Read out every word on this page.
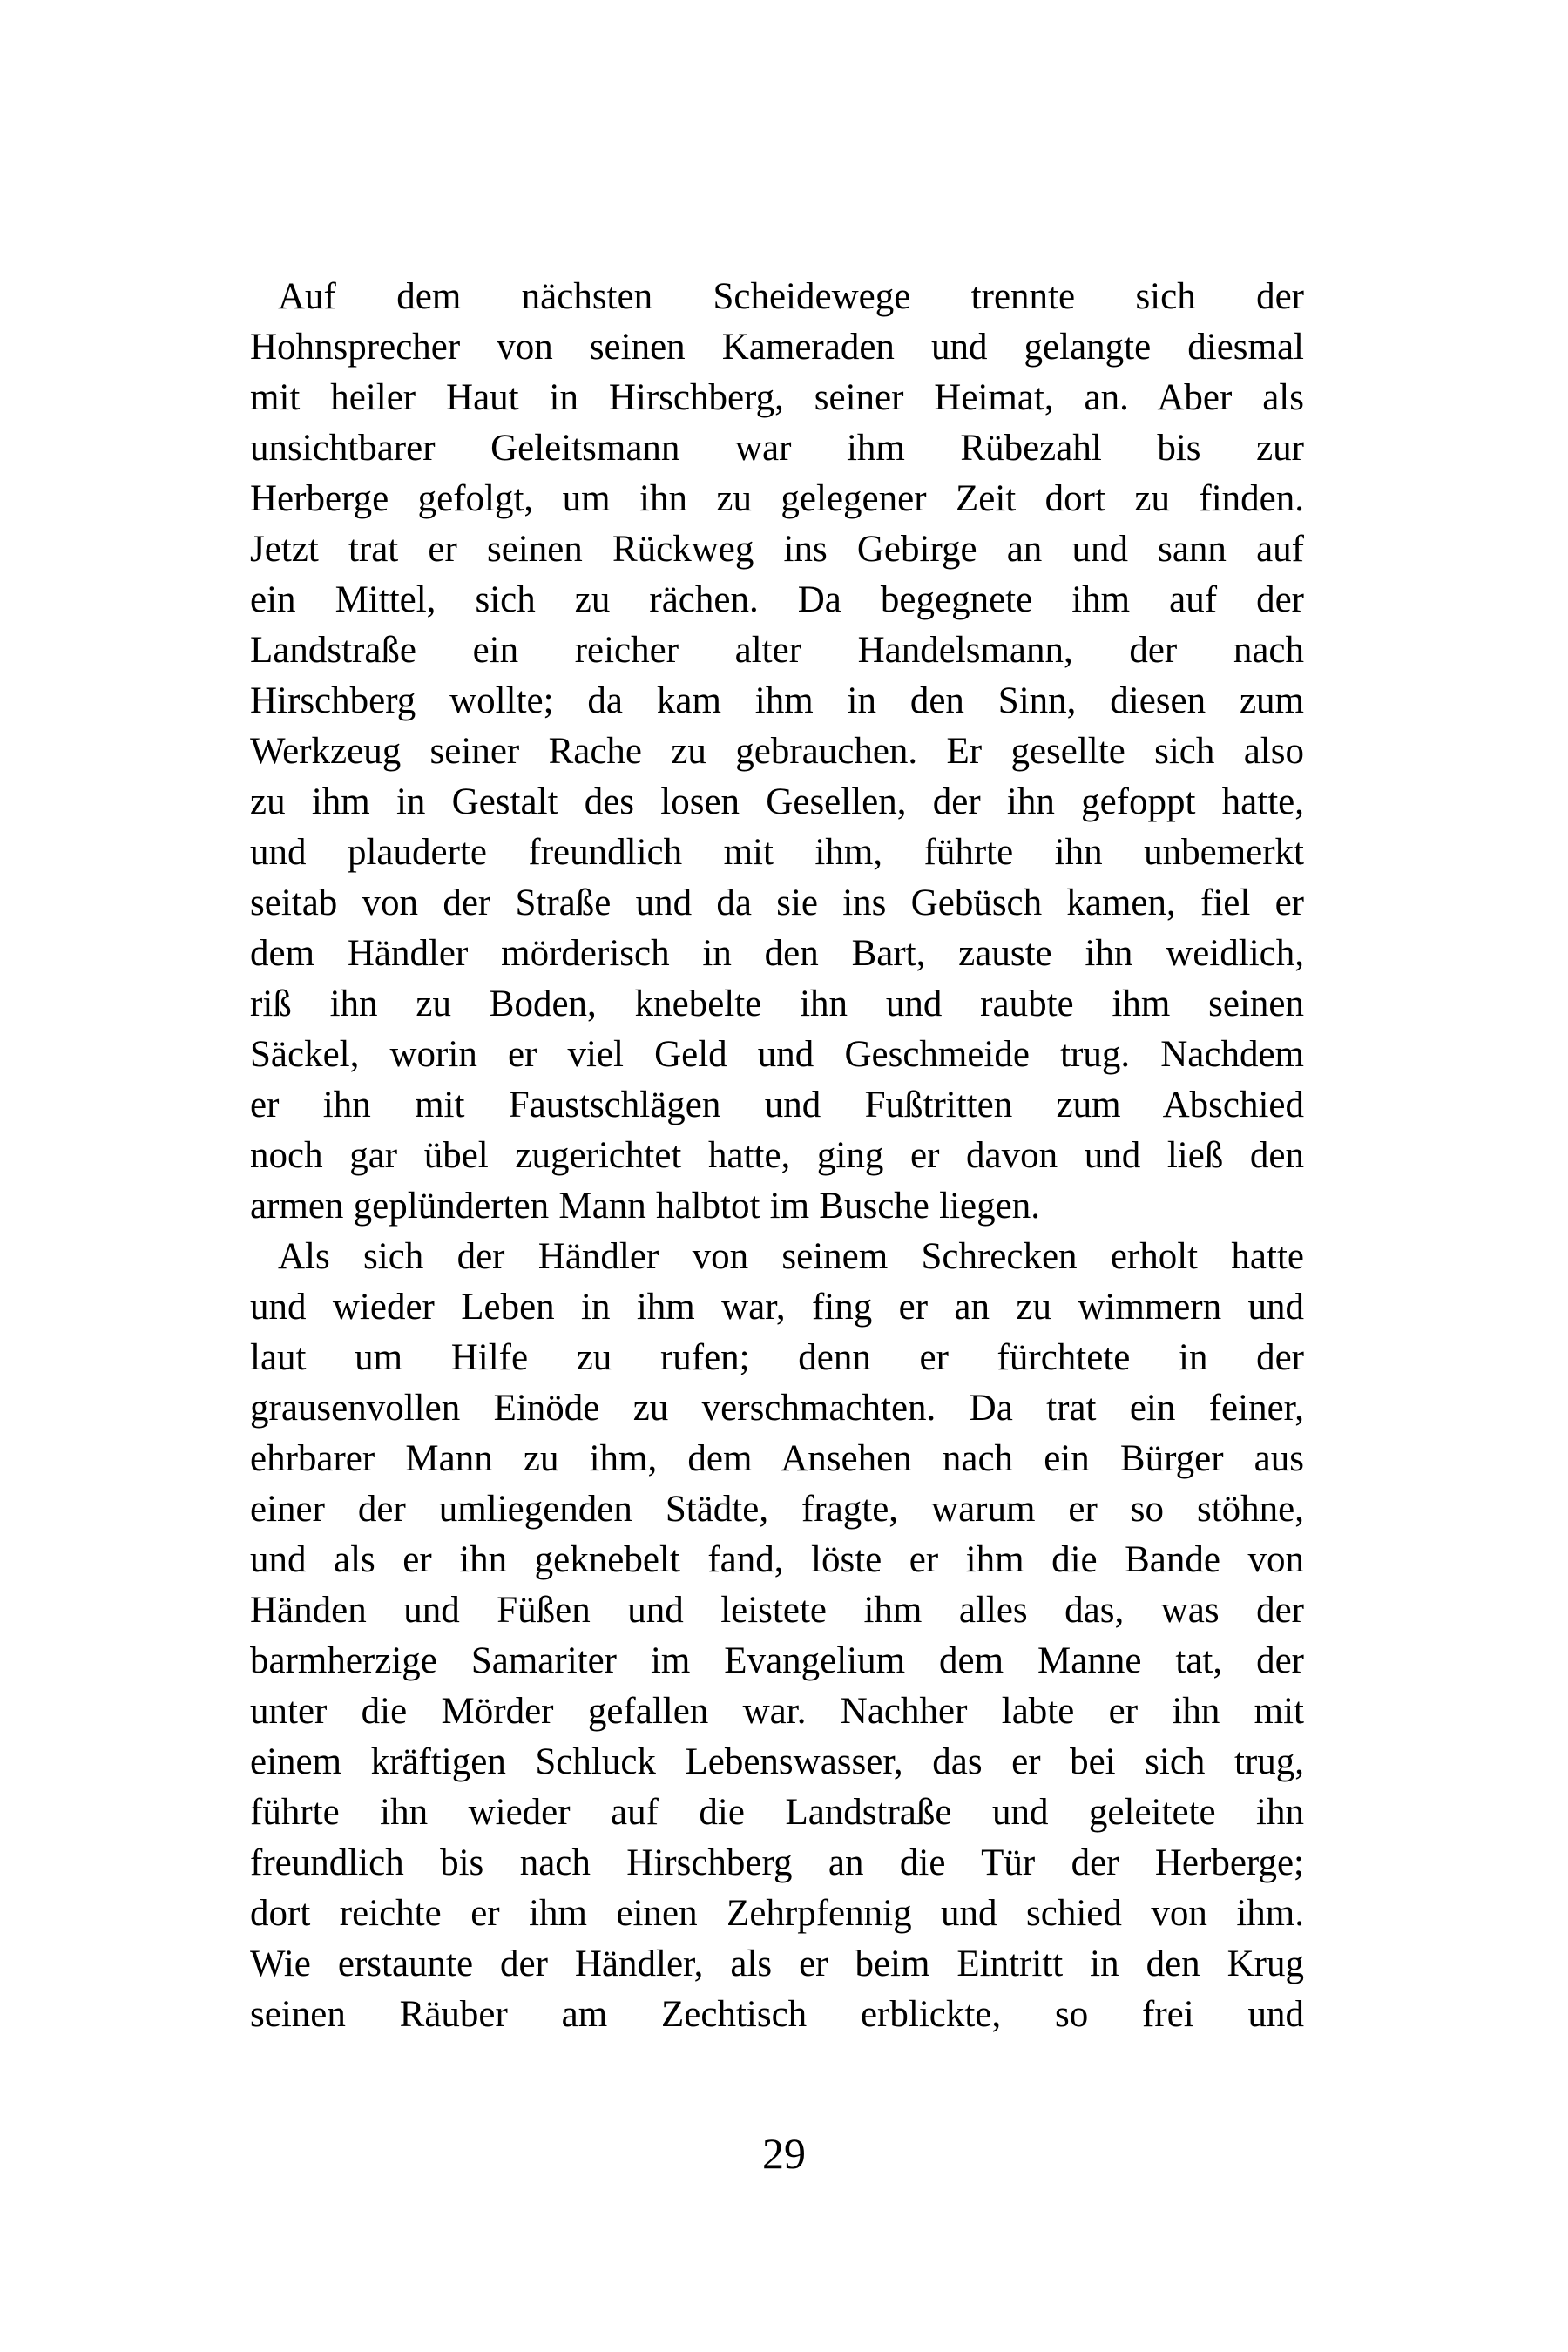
Auf dem nächsten Scheidewege trennte sich der
Hohnsprecher von seinen Kameraden und gelangte diesmal
mit heiler Haut in Hirschberg, seiner Heimat, an. Aber als
unsichtbarer Geleitsmann war ihm Rübezahl bis zur
Herberge gefolgt, um ihn zu gelegener Zeit dort zu finden.
Jetzt trat er seinen Rückweg ins Gebirge an und sann auf
ein Mittel, sich zu rächen. Da begegnete ihm auf der
Landstraße ein reicher alter Handelsmann, der nach
Hirschberg wollte; da kam ihm in den Sinn, diesen zum
Werkzeug seiner Rache zu gebrauchen. Er gesellte sich also
zu ihm in Gestalt des losen Gesellen, der ihn gefoppt hatte,
und plauderte freundlich mit ihm, führte ihn unbemerkt
seitab von der Straße und da sie ins Gebüsch kamen, fiel er
dem Händler mörderisch in den Bart, zauste ihn weidlich,
riß ihn zu Boden, knebelte ihn und raubte ihm seinen
Säckel, worin er viel Geld und Geschmeide trug. Nachdem
er ihn mit Faustschlägen und Fußtritten zum Abschied
noch gar übel zugerichtet hatte, ging er davon und ließ den
armen geplünderten Mann halbtot im Busche liegen.
Als sich der Händler von seinem Schrecken erholt hatte
und wieder Leben in ihm war, fing er an zu wimmern und
laut um Hilfe zu rufen; denn er fürchtete in der
grausenvollen Einöde zu verschmachten. Da trat ein feiner,
ehrbarer Mann zu ihm, dem Ansehen nach ein Bürger aus
einer der umliegenden Städte, fragte, warum er so stöhne,
und als er ihn geknebelt fand, löste er ihm die Bande von
Händen und Füßen und leistete ihm alles das, was der
barmherzige Samariter im Evangelium dem Manne tat, der
unter die Mörder gefallen war. Nachher labte er ihn mit
einem kräftigen Schluck Lebenswasser, das er bei sich trug,
führte ihn wieder auf die Landstraße und geleitete ihn
freundlich bis nach Hirschberg an die Tür der Herberge;
dort reichte er ihm einen Zehrpfennig und schied von ihm.
Wie erstaunte der Händler, als er beim Eintritt in den Krug
seinen Räuber am Zechtisch erblickte, so frei und
29
